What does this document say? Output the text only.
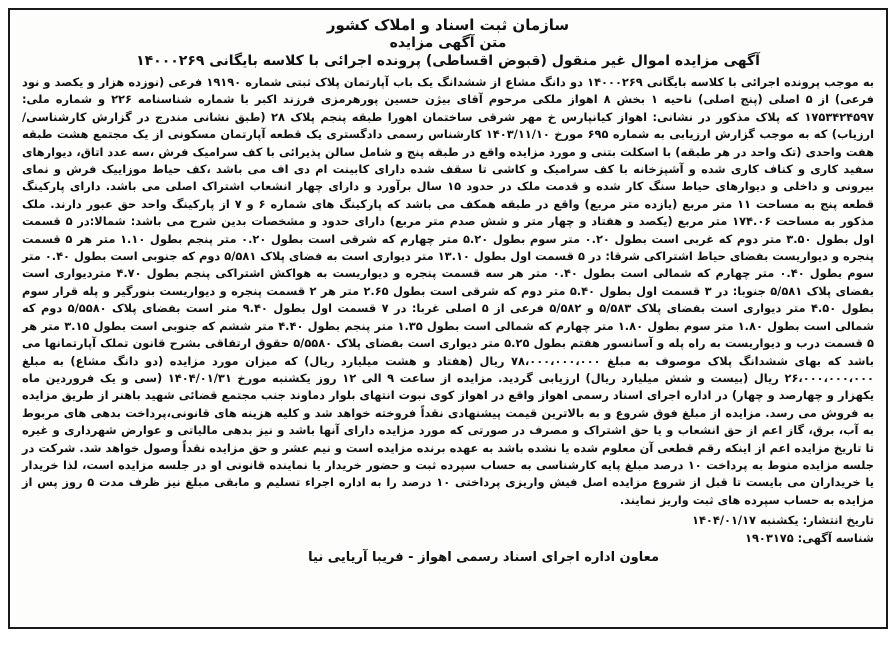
سازمان ثبت اسناد و املاک کشور
متن آگهی مزایده
آگهی مزایده اموال غیر منقول (قبوض اقساطی) پرونده اجرائی با کلاسه بایگانی ۱۴۰۰۰۲۶۹

به موجب پرونده اجرائی با کلاسه بایگانی ۱۴۰۰۰۲۶۹ دو دانگ مشاع از ششدانگ یک باب آپارتمان پلاک ثبتی شماره ۱۹۱۹۰ فرعی (نوزده هزار و یکصد و نود فرعی) از ۵ اصلی (پنج اصلی) ناحیه ۱ بخش ۸ اهواز ملکی مرحوم آقای بیژن حسین پورهرمزی فرزند اکبر با شماره شناسنامه ۲۲۶ و شماره ملی: ۱۷۵۳۴۲۴۵۹۷ که پلاک مذکور در نشانی: اهواز کیانپارس خ مهر شرقی ساختمان اهورا طبقه پنجم پلاک ۲۸ (طبق نشانی مندرج در گزارش کارشناسی/ارزیاب) که به موجب گزارش ارزیابی به شماره ۶۹۵ مورخ ۱۴۰۳/۱۱/۱۰ کارشناس رسمی دادگستری یک قطعه آپارتمان مسکونی از یک مجتمع هشت طبقه هفت واحدی (تک واحد در هر طبقه) با اسکلت بتنی و مورد مزایده واقع در طبقه پنج و شامل سالن پذیرائی با کف سرامیک فرش ،سه عدد اتاق، دیوارهای سفید کاری و کناف کاری شده و آشپزخانه با کف سرامیک و کاشی تا سقف شده دارای کابینت ام دی اف می باشد ،کف حیاط موزاییک فرش و نمای بیرونی و داخلی و دیوارهای حیاط سنگ کار شده و قدمت ملک در حدود ۱۵ سال برآورد و دارای چهار انشعاب اشتراک اصلی می باشد. دارای پارکینگ قطعه پنج به مساحت ۱۱ متر مربع (یازده متر مربع) واقع در طبقه همکف می باشد که پارکینگ های شماره ۶ و ۷ از پارکینگ واحد حق عبور دارند. ملک مذکور به مساحت ۱۷۴.۰۶ متر مربع (یکصد و هفتاد و چهار متر و شش صدم متر مربع) دارای حدود و مشخصات بدین شرح می باشد: شمالا:در ۵ قسمت اول بطول ۳.۵۰ متر دوم که غربی است بطول ۰.۲۰ متر سوم بطول ۵.۲۰ متر چهارم که شرقی است بطول ۰.۲۰ متر پنجم بطول ۱.۱۰ متر هر ۵ قسمت پنجره و دیواریست بفضای حیاط اشتراکی شرقا: در ۵ قسمت اول بطول ۱۳.۱۰ متر دیواری است به فضای پلاک ۵/۵۸۱ دوم که جنوبی است بطول ۰.۴۰ متر سوم بطول ۰.۴۰ متر چهارم که شمالی است بطول ۰.۴۰ متر هر سه قسمت پنجره و دیواریست به هواکش اشتراکی پنجم بطول ۴.۷۰ متردیواری است بفضای پلاک ۵/۵۸۱ جنوبا: در ۳ قسمت اول بطول ۵.۴۰ متر دوم که شرقی است بطول ۲.۶۵ متر هر ۲ قسمت پنجره و دیواریست بنورگیر و پله قرار سوم بطول ۴.۵۰ متر دیواری است بفضای پلاک ۵/۵۸۳ و ۵/۵۸۲ فرعی از ۵ اصلی غربا: در ۷ قسمت اول بطول ۹.۴۰ متر است بفضای پلاک ۵/۵۵۸۰ دوم که شمالی است بطول ۱.۸۰ متر سوم بطول ۱.۸۰ متر چهارم که شمالی است بطول ۱.۳۵ متر پنجم بطول ۴.۴۰ متر ششم که جنوبی است بطول ۳.۱۵ متر هر ۵ قسمت درب و دیواریست به راه پله و آسانسور هفتم بطول ۵.۲۵ متر دیواری است بفضای پلاک ۵/۵۵۸۰ حقوق ارتفاقی بشرح قانون تملک آپارتمانها می باشد که بهای ششدانگ پلاک موصوف به مبلغ ۷۸،۰۰۰،۰۰۰،۰۰۰ ریال (هفتاد و هشت میلیارد ریال) که میزان مورد مزایده (دو دانگ مشاع) به مبلغ ۲۶،۰۰۰،۰۰۰،۰۰۰ ریال (بیست و شش میلیارد ریال) ارزیابی گردید. مزایده از ساعت ۹ الی ۱۲ روز یکشنبه مورخ ۱۴۰۴/۰۱/۳۱ (سی و یک فروردین ماه یکهزار و چهارصد و چهار) در اداره اجرای اسناد رسمی اهواز واقع در اهواز کوی نبوت انتهای بلوار دماوند جنب مجتمع قضائی شهید باهنر از طریق مزایده به فروش می رسد. مزایده از مبلغ فوق شروع و به بالاترین قیمت پیشنهادی نقداً فروخته خواهد شد و کلیه هزینه های قانونی،پرداخت بدهی های مربوط به آب، برق، گاز اعم از حق انشعاب و یا حق اشتراک و مصرف در صورتی که مورد مزایده دارای آنها باشد و نیز بدهی مالیاتی و عوارض شهرداری و غیره تا تاریخ مزایده اعم از اینکه رقم قطعی آن معلوم شده یا نشده باشد به عهده برنده مزایده است و نیم عشر و حق مزایده نقداً وصول خواهد شد. شرکت در جلسه مزایده منوط به پرداخت ۱۰ درصد مبلغ پایه کارشناسی به حساب سپرده ثبت و حضور خریدار یا نماینده قانونی او در جلسه مزایده است، لذا خریدار یا خریداران می بایست تا قبل از شروع مزایده اصل فیش واریزی پرداختی ۱۰ درصد را به اداره اجراء تسلیم و مابقی مبلغ نیز ظرف مدت ۵ روز پس از مزایده به حساب سپرده های ثبت واریز نمایند.

تاریخ انتشار: یکشنبه ۱۴۰۴/۰۱/۱۷
شناسه آگهی: ۱۹۰۳۱۷۵
معاون اداره اجرای اسناد رسمی اهواز - فریبا آریایی نیا
